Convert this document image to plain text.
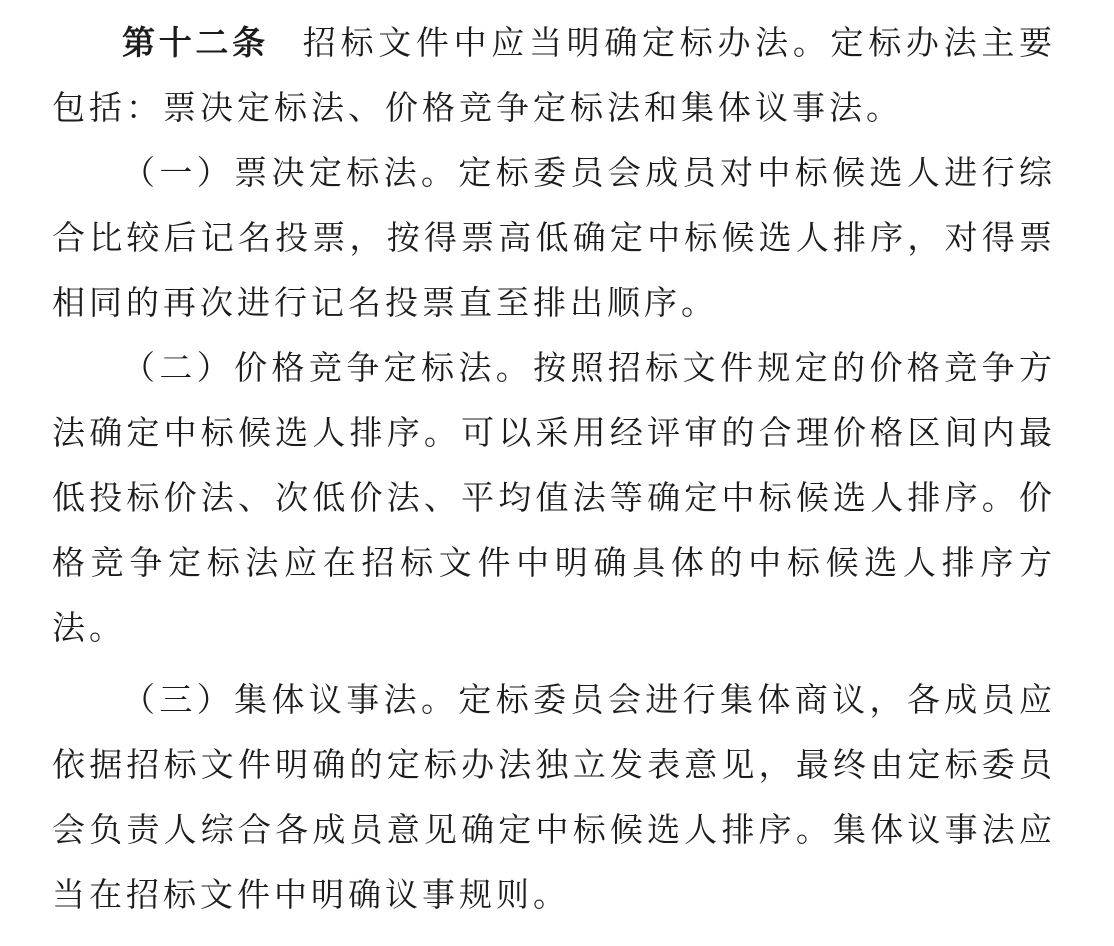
第十二条 招标文件中应当明确定标办法。定标办法主要包括：票决定标法、价格竞争定标法和集体议事法。

（一）票决定标法。定标委员会成员对中标候选人进行综合比较后记名投票，按得票高低确定中标候选人排序，对得票相同的再次进行记名投票直至排出顺序。

（二）价格竞争定标法。按照招标文件规定的价格竞争方法确定中标候选人排序。可以采用经评审的合理价格区间内最低投标价法、次低价法、平均值法等确定中标候选人排序。价格竞争定标法应在招标文件中明确具体的中标候选人排序方法。

（三）集体议事法。定标委员会进行集体商议，各成员应依据招标文件明确的定标办法独立发表意见，最终由定标委员会负责人综合各成员意见确定中标候选人排序。集体议事法应当在招标文件中明确议事规则。
